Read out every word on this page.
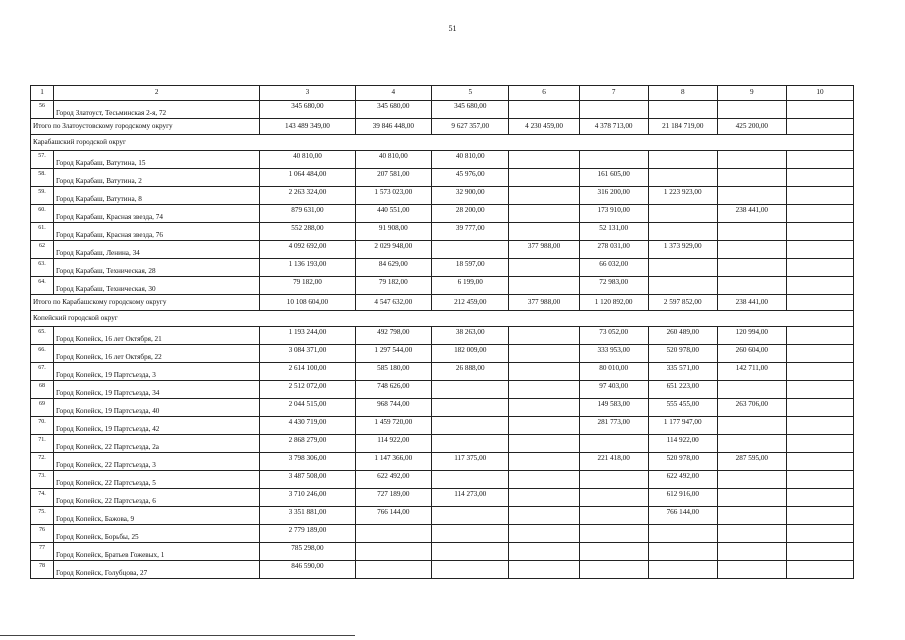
51
1	2	3	4	5	6	7	8	9	10
56	Город Златоуст, Тесьминская 2-я, 72	345 680,00	345 680,00	345 680,00					
Итого по Златоустовскому городскому округу		143 489 349,00	39 846 448,00	9 627 357,00	4 230 459,00	4 378 713,00	21 184 719,00	425 200,00	
Карабашский городской округ									
57.	Город Карабаш, Ватутина, 15	40 810,00	40 810,00	40 810,00					
58.	Город Карабаш, Ватутина, 2	1 064 484,00	207 581,00	45 976,00		161 605,00			
59.	Город Карабаш, Ватутина, 8	2 263 324,00	1 573 023,00	32 900,00		316 200,00	1 223 923,00		
60.	Город Карабаш, Красная звезда, 74	879 631,00	440 551,00	28 200,00		173 910,00		238 441,00	
61.	Город Карабаш, Красная звезда, 76	552 288,00	91 908,00	39 777,00		52 131,00			
62	Город Карабаш, Ленина, 34	4 092 692,00	2 029 948,00		377 988,00	278 031,00	1 373 929,00		
63.	Город Карабаш, Техническая, 28	1 136 193,00	84 629,00	18 597,00		66 032,00			
64.	Город Карабаш, Техническая, 30	79 182,00	79 182,00	6 199,00		72 983,00			
Итого по Карабашскому городскому округу		10 108 604,00	4 547 632,00	212 459,00	377 988,00	1 120 892,00	2 597 852,00	238 441,00	
Копейский городской округ									
65.	Город Копейск, 16 лет Октября, 21	1 193 244,00	492 798,00	38 263,00		73 052,00	260 489,00	120 994,00	
66.	Город Копейск, 16 лет Октября, 22	3 084 371,00	1 297 544,00	182 009,00		333 953,00	520 978,00	260 604,00	
67.	Город Копейск, 19 Партсъезда, 3	2 614 100,00	585 180,00	26 888,00		80 010,00	335 571,00	142 711,00	
68	Город Копейск, 19 Партсъезда, 34	2 512 072,00	748 626,00			97 403,00	651 223,00		
69	Город Копейск, 19 Партсъезда, 40	2 044 515,00	968 744,00			149 583,00	555 455,00	263 706,00	
70.	Город Копейск, 19 Партсъезда, 42	4 430 719,00	1 459 720,00			281 773,00	1 177 947,00		
71.	Город Копейск, 22 Партсъезда, 2а	2 868 279,00	114 922,00				114 922,00		
72.	Город Копейск, 22 Партсъезда, 3	3 798 306,00	1 147 366,00	117 375,00		221 418,00	520 978,00	287 595,00	
73.	Город Копейск, 22 Партсъезда, 5	3 487 508,00	622 492,00				622 492,00		
74.	Город Копейск, 22 Партсъезда, 6	3 710 246,00	727 189,00	114 273,00			612 916,00		
75.	Город Копейск, Бажова, 9	3 351 881,00	766 144,00				766 144,00		
76	Город Копейск, Борьбы, 25	2 779 189,00							
77	Город Копейск, Братьев Гожевых, 1	785 298,00							
78	Город Копейск, Голубцова, 27	846 590,00							
